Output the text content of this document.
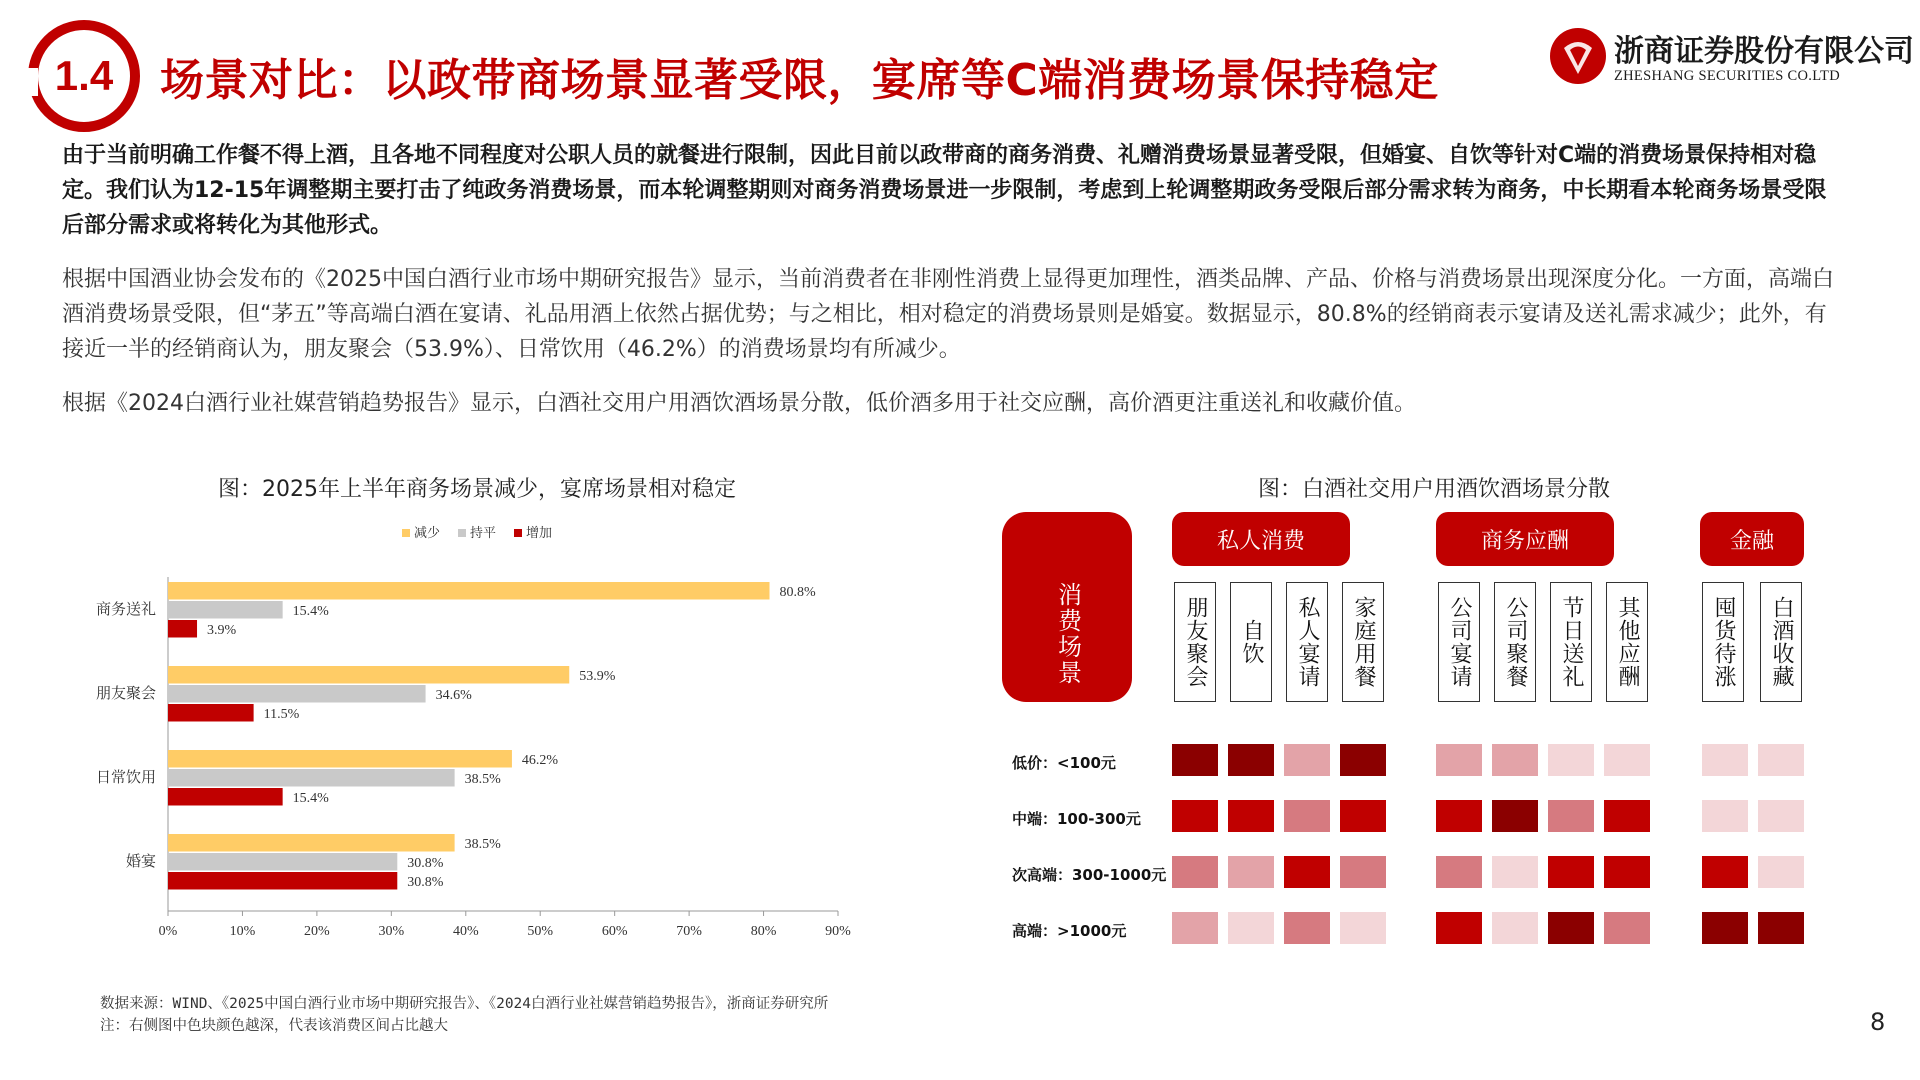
1.4 场景对比：以政带商场景显著受限，宴席等C端消费场景保持稳定
浙商证券股份有限公司
ZHESHANG SECURITIES CO.LTD

由于当前明确工作餐不得上酒，且各地不同程度对公职人员的就餐进行限制，因此目前以政带商的商务消费、礼赠消费场景显著受限，但婚宴、自饮等针对C端的消费场景保持相对稳定。我们认为12-15年调整期主要打击了纯政务消费场景，而本轮调整期则对商务消费场景进一步限制，考虑到上轮调整期政务受限后部分需求转为商务，中长期看本轮商务场景受限后部分需求或将转化为其他形式。

根据中国酒业协会发布的《2025中国白酒行业市场中期研究报告》显示，当前消费者在非刚性消费上显得更加理性，酒类品牌、产品、价格与消费场景出现深度分化。一方面，高端白酒消费场景受限，但“茅五”等高端白酒在宴请、礼品用酒上依然占据优势；与之相比，相对稳定的消费场景则是婚宴。数据显示，80.8%的经销商表示宴请及送礼需求减少；此外，有接近一半的经销商认为，朋友聚会（53.9%）、日常饮用（46.2%）的消费场景均有所减少。

根据《2024白酒行业社媒营销趋势报告》显示，白酒社交用户用酒饮酒场景分散，低价酒多用于社交应酬，高价酒更注重送礼和收藏价值。

图：2025年上半年商务场景减少，宴席场景相对稳定
减少 持平 增加
0%	10%	20%	30%	40%	50%	60%	70%	80%	90%
商务送礼
80.8%
15.4%
3.9%
朋友聚会
53.9%
34.6%
11.5%
日常饮用
46.2%
38.5%
15.4%
婚宴
38.5%
30.8%
30.8%
图：白酒社交用户用酒饮酒场景分散
消费场景
私人消费	商务应酬	金融
朋友聚会 自饮 私人宴请 家庭用餐	公司宴请 公司聚餐 节日送礼 其他应酬	囤货待涨 白酒收藏
低价：<100元
中端：100-300元
次高端：300-1000元
高端：>1000元
数据来源：WIND、《2025中国白酒行业市场中期研究报告》、《2024白酒行业社媒营销趋势报告》，浙商证券研究所
注：右侧图中色块颜色越深，代表该消费区间占比越大	8
